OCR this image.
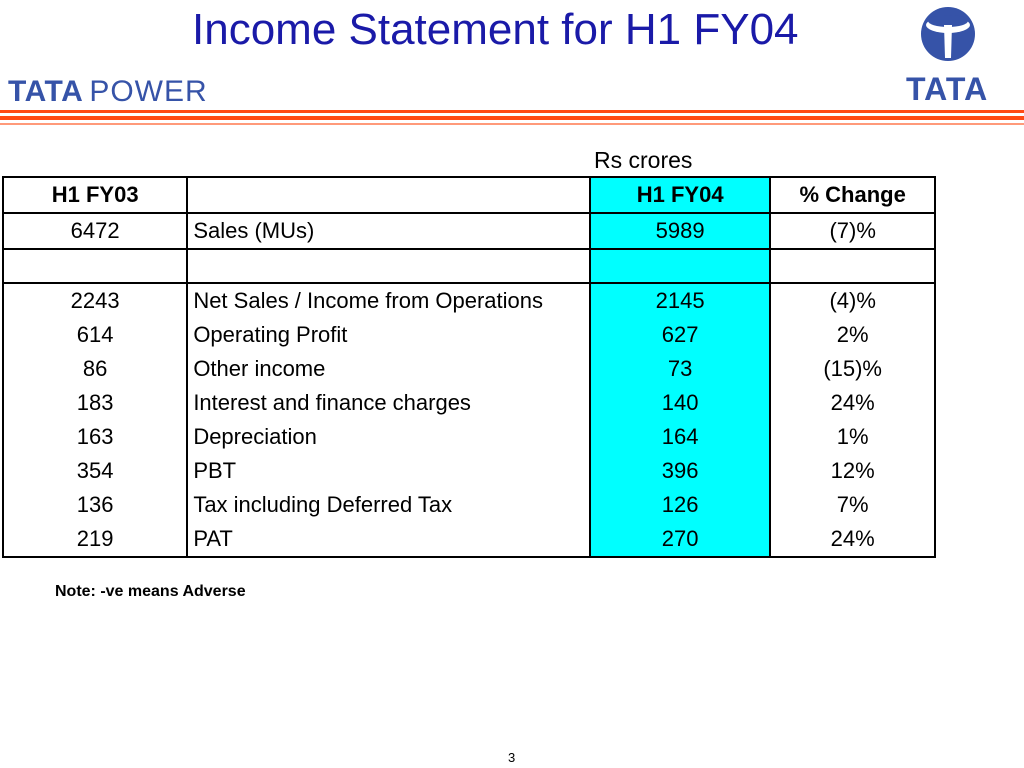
Income Statement for H1 FY04
TATA POWER	TATA
Rs crores
H1 FY03		H1 FY04	% Change
6472	Sales (MUs)	5989	(7)%

2243	Net Sales / Income from Operations	2145	(4)%
614	Operating Profit	627	2%
86	Other income	73	(15)%
183	Interest and finance charges	140	24%
163	Depreciation	164	1%
354	PBT	396	12%
136	Tax including Deferred Tax	126	7%
219	PAT	270	24%
Note: -ve means Adverse
3
